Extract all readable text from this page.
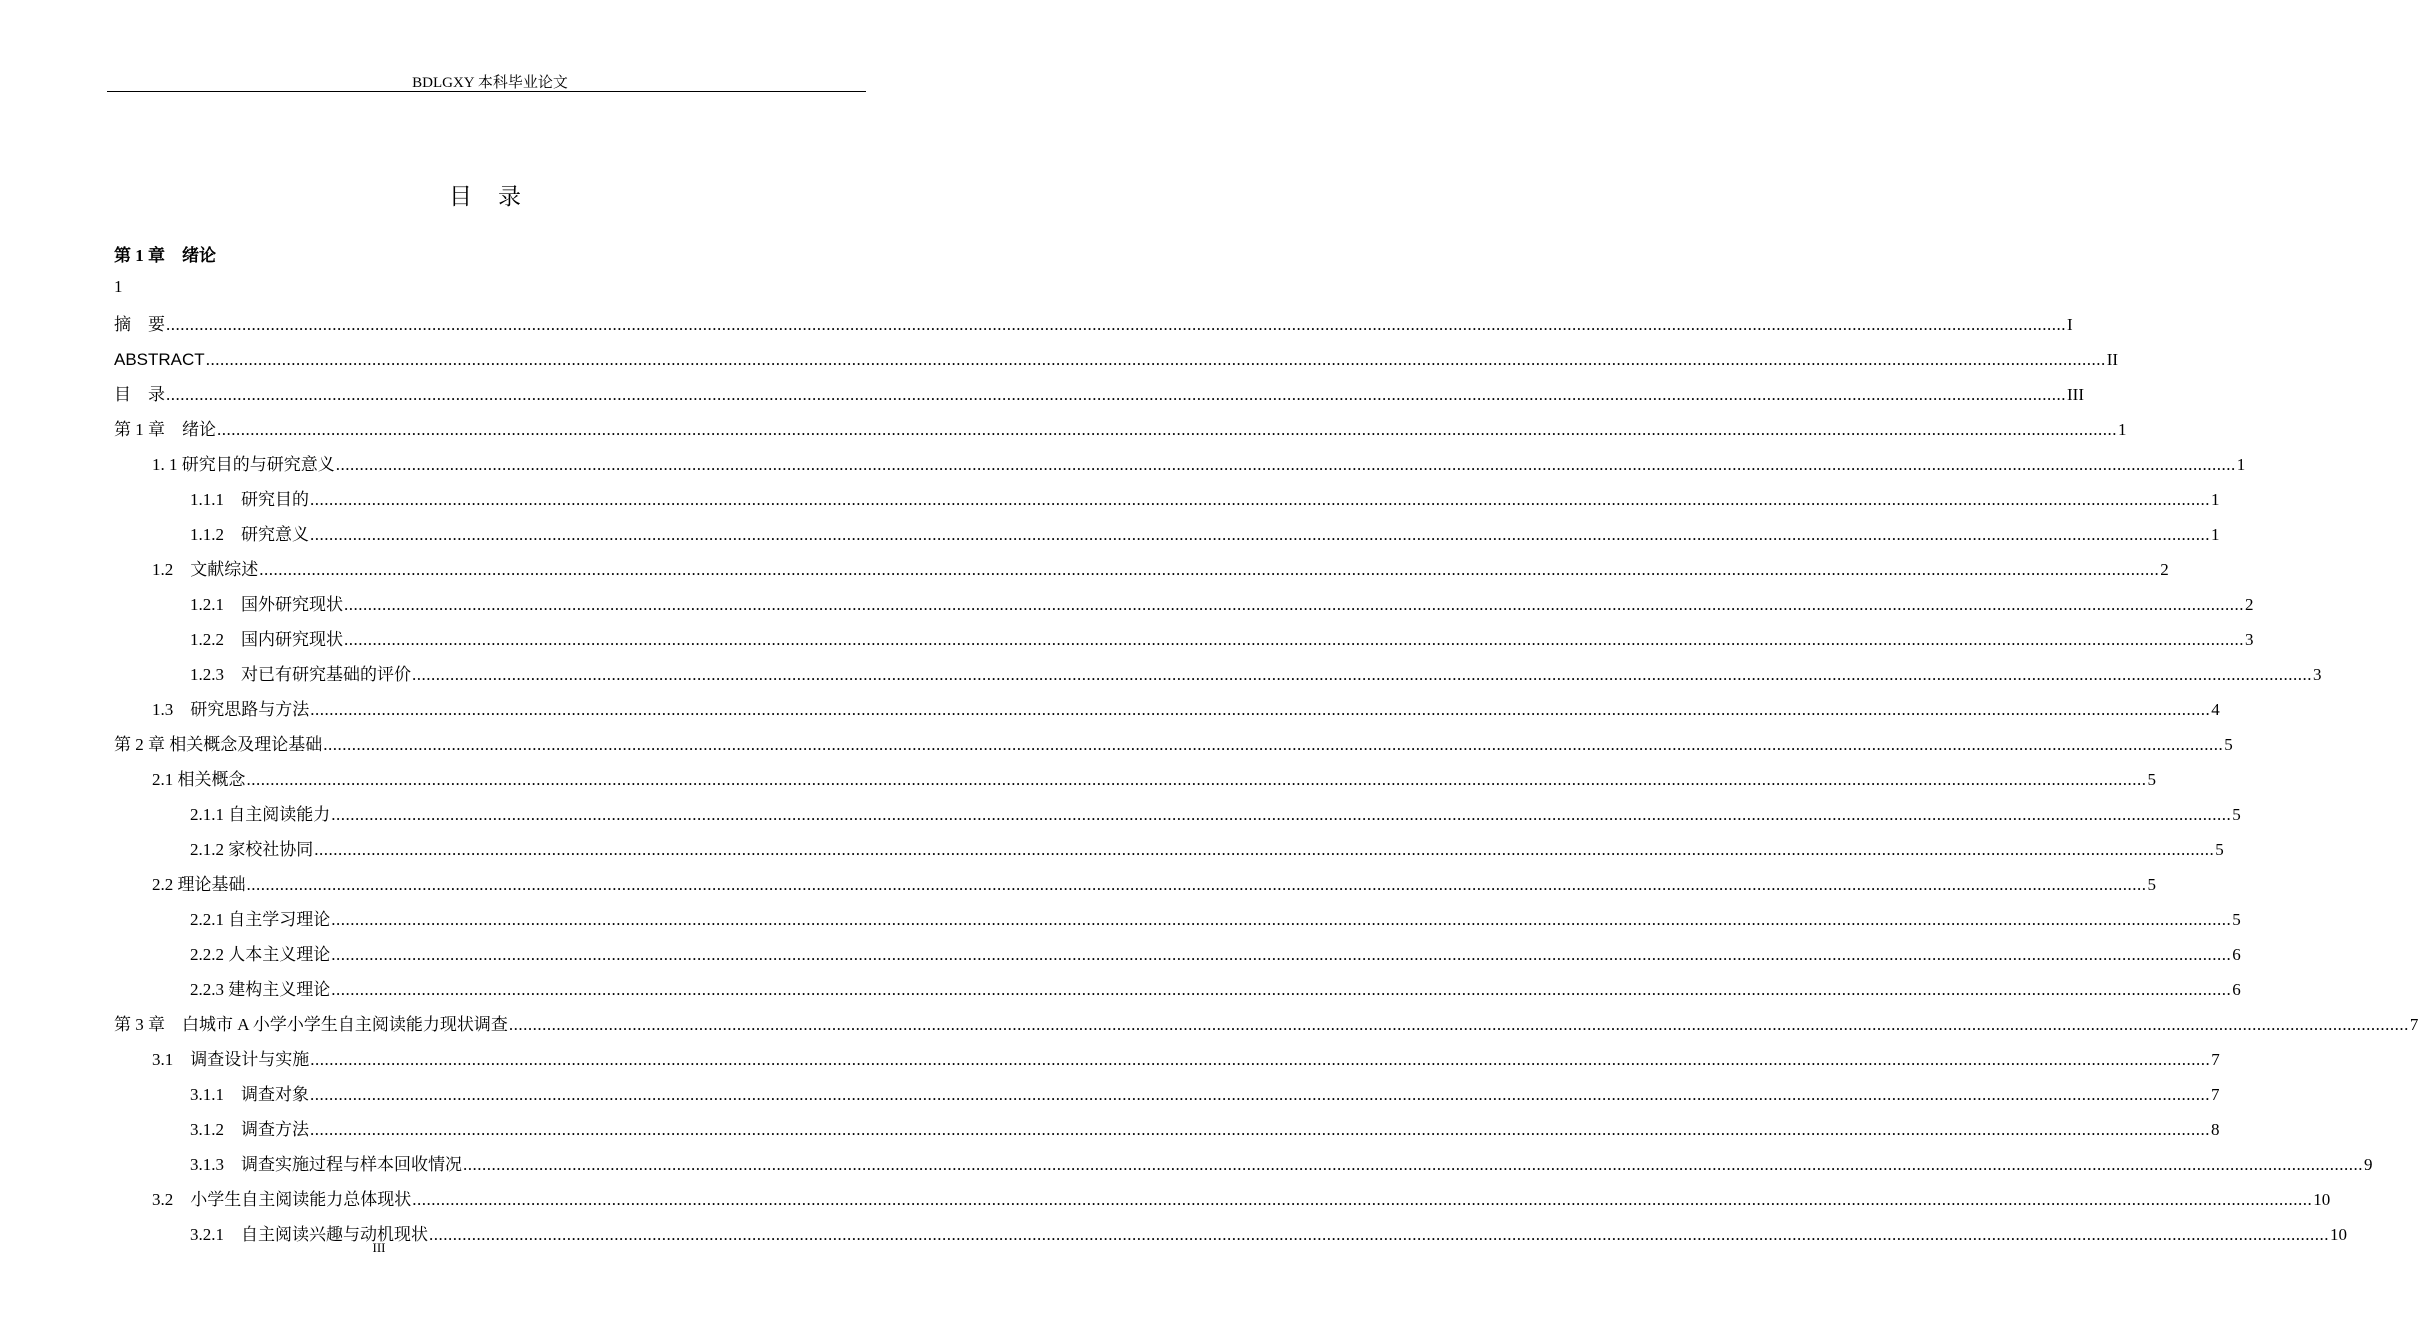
BDLGXY 本科毕业论文
目 录
第 1 章　绪论
1
摘　要 ................................................................................................................................................................................................................................................................................................................................................................................................................ I
ABSTRACT ................................................................................................................................................................................................................................................................................................................................................................................................................ II
目　录 ................................................................................................................................................................................................................................................................................................................................................................................................................ III
第 1 章　绪论 ................................................................................................................................................................................................................................................................................................................................................................................................................ 1
1. 1 研究目的与研究意义 ................................................................................................................................................................................................................................................................................................................................................................................................................ 1
1.1.1　研究目的 ................................................................................................................................................................................................................................................................................................................................................................................................................ 1
1.1.2　研究意义 ................................................................................................................................................................................................................................................................................................................................................................................................................ 1
1.2　文献综述 ................................................................................................................................................................................................................................................................................................................................................................................................................ 2
1.2.1　国外研究现状 ................................................................................................................................................................................................................................................................................................................................................................................................................ 2
1.2.2　国内研究现状 ................................................................................................................................................................................................................................................................................................................................................................................................................ 3
1.2.3　对已有研究基础的评价 ................................................................................................................................................................................................................................................................................................................................................................................................................ 3
1.3　研究思路与方法 ................................................................................................................................................................................................................................................................................................................................................................................................................ 4
第 2 章 相关概念及理论基础 ................................................................................................................................................................................................................................................................................................................................................................................................................ 5
2.1 相关概念 ................................................................................................................................................................................................................................................................................................................................................................................................................ 5
2.1.1 自主阅读能力 ................................................................................................................................................................................................................................................................................................................................................................................................................ 5
2.1.2 家校社协同 ................................................................................................................................................................................................................................................................................................................................................................................................................ 5
2.2 理论基础 ................................................................................................................................................................................................................................................................................................................................................................................................................ 5
2.2.1 自主学习理论 ................................................................................................................................................................................................................................................................................................................................................................................................................ 5
2.2.2 人本主义理论 ................................................................................................................................................................................................................................................................................................................................................................................................................ 6
2.2.3 建构主义理论 ................................................................................................................................................................................................................................................................................................................................................................................................................ 6
第 3 章　白城市 A 小学小学生自主阅读能力现状调查 ................................................................................................................................................................................................................................................................................................................................................................................................................ 7
3.1　调查设计与实施 ................................................................................................................................................................................................................................................................................................................................................................................................................ 7
3.1.1　调查对象 ................................................................................................................................................................................................................................................................................................................................................................................................................ 7
3.1.2　调查方法 ................................................................................................................................................................................................................................................................................................................................................................................................................ 8
3.1.3　调查实施过程与样本回收情况 ................................................................................................................................................................................................................................................................................................................................................................................................................ 9
3.2　小学生自主阅读能力总体现状 ................................................................................................................................................................................................................................................................................................................................................................................................................ 10
3.2.1　自主阅读兴趣与动机现状 ................................................................................................................................................................................................................................................................................................................................................................................................................ 10
III
